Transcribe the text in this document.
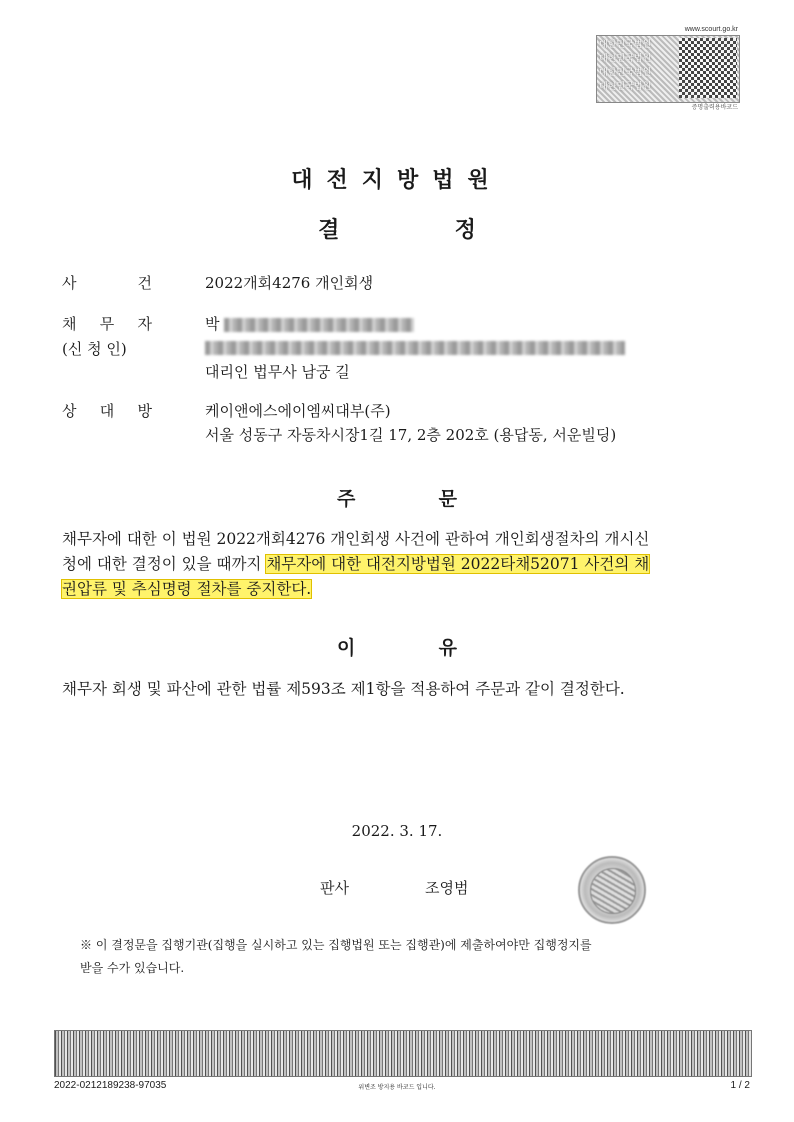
www.scourt.go.kr
대한민국법원
대한민국법원
대한민국법원
대한민국법원
증명출력용바코드
대전지방법원
결	정
사	건	2022개회4276 개인회생
채 무 자	박
(신 청 인)
대리인 법무사 남궁 길
상 대 방	케이앤에스에이엠씨대부(주)
서울 성동구 자동차시장1길 17, 2층 202호 (용답동, 서운빌딩)
주	문
채무자에 대한 이 법원 2022개회4276 개인회생 사건에 관하여 개인회생절차의 개시신
청에 대한 결정이 있을 때까지 채무자에 대한 대전지방법원 2022타채52071 사건의 채
권압류 및 추심명령 절차를 중지한다.
이	유
채무자 회생 및 파산에 관한 법률 제593조 제1항을 적용하여 주문과 같이 결정한다.
2022. 3. 17.
판사	조영범
※ 이 결정문을 집행기관(집행을 실시하고 있는 집행법원 또는 집행관)에 제출하여야만 집행정지를
받을 수가 있습니다.
2022-0212189238-97035	위변조 방지용 바코드 입니다.	1 / 2
